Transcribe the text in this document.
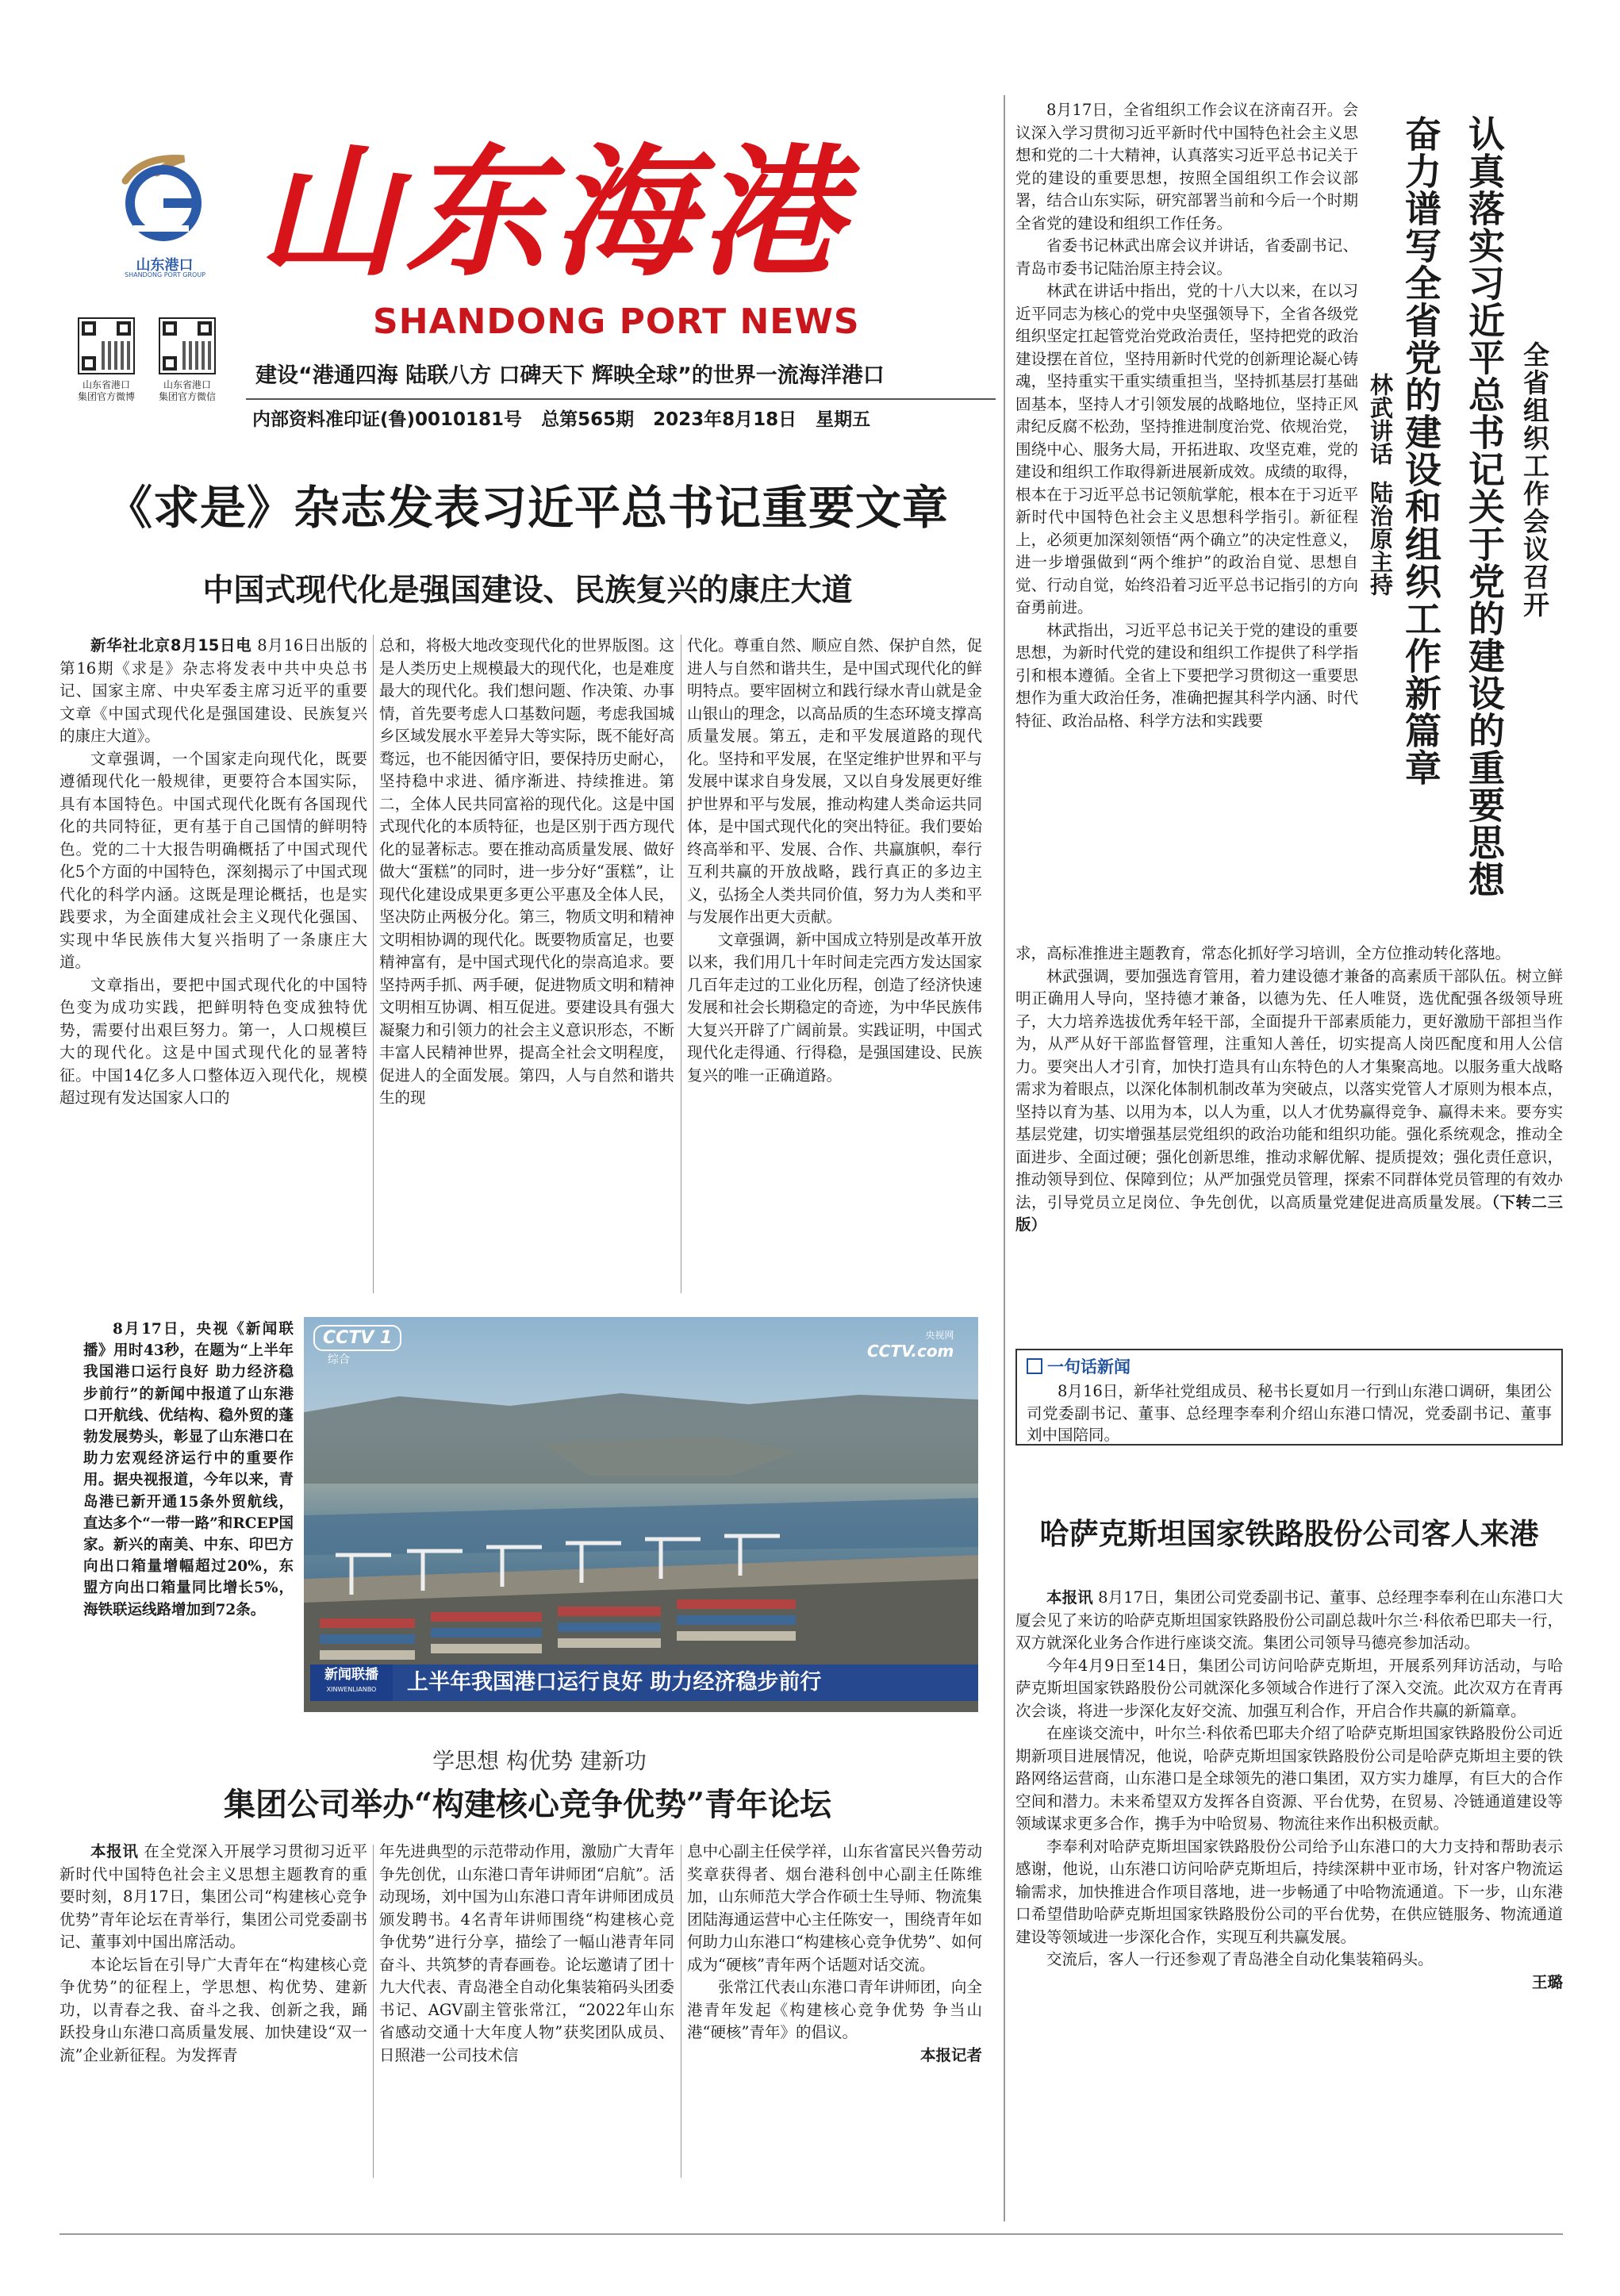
山东港口
SHANDONG PORT GROUP 山东海港
SHANDONG PORT NEWS
山东省港口
集团官方微博
山东省港口
集团官方微信
建设“港通四海 陆联八方 口碑天下 辉映全球”的世界一流海洋港口
内部资料准印证(鲁)0010181号   总第565期   2023年8月18日   星期五
《求是》杂志发表习近平总书记重要文章
中国式现代化是强国建设、民族复兴的康庄大道

新华社北京8月15日电 8月16日出版的第16期《求是》杂志将发表中共中央总书记、国家主席、中央军委主席习近平的重要文章《中国式现代化是强国建设、民族复兴的康庄大道》。

文章强调，一个国家走向现代化，既要遵循现代化一般规律，更要符合本国实际，具有本国特色。中国式现代化既有各国现代化的共同特征，更有基于自己国情的鲜明特色。党的二十大报告明确概括了中国式现代化5个方面的中国特色，深刻揭示了中国式现代化的科学内涵。这既是理论概括，也是实践要求，为全面建成社会主义现代化强国、实现中华民族伟大复兴指明了一条康庄大道。

文章指出，要把中国式现代化的中国特色变为成功实践，把鲜明特色变成独特优势，需要付出艰巨努力。第一，人口规模巨大的现代化。这是中国式现代化的显著特征。中国14亿多人口整体迈入现代化，规模超过现有发达国家人口的

总和，将极大地改变现代化的世界版图。这是人类历史上规模最大的现代化，也是难度最大的现代化。我们想问题、作决策、办事情，首先要考虑人口基数问题，考虑我国城乡区域发展水平差异大等实际，既不能好高骛远，也不能因循守旧，要保持历史耐心，坚持稳中求进、循序渐进、持续推进。第二，全体人民共同富裕的现代化。这是中国式现代化的本质特征，也是区别于西方现代化的显著标志。要在推动高质量发展、做好做大“蛋糕”的同时，进一步分好“蛋糕”，让现代化建设成果更多更公平惠及全体人民，坚决防止两极分化。第三，物质文明和精神文明相协调的现代化。既要物质富足，也要精神富有，是中国式现代化的崇高追求。要坚持两手抓、两手硬，促进物质文明和精神文明相互协调、相互促进。要建设具有强大凝聚力和引领力的社会主义意识形态，不断丰富人民精神世界，提高全社会文明程度，促进人的全面发展。第四，人与自然和谐共生的现

代化。尊重自然、顺应自然、保护自然，促进人与自然和谐共生，是中国式现代化的鲜明特点。要牢固树立和践行绿水青山就是金山银山的理念，以高品质的生态环境支撑高质量发展。第五，走和平发展道路的现代化。坚持和平发展，在坚定维护世界和平与发展中谋求自身发展，又以自身发展更好维护世界和平与发展，推动构建人类命运共同体，是中国式现代化的突出特征。我们要始终高举和平、发展、合作、共赢旗帜，奉行互利共赢的开放战略，践行真正的多边主义，弘扬全人类共同价值，努力为人类和平与发展作出更大贡献。

文章强调，新中国成立特别是改革开放以来，我们用几十年时间走完西方发达国家几百年走过的工业化历程，创造了经济快速发展和社会长期稳定的奇迹，为中华民族伟大复兴开辟了广阔前景。实践证明，中国式现代化走得通、行得稳，是强国建设、民族复兴的唯一正确道路。

8月17日，央视《新闻联播》用时43秒，在题为“上半年我国港口运行良好 助力经济稳步前行”的新闻中报道了山东港口开航线、优结构、稳外贸的蓬勃发展势头，彰显了山东港口在助力宏观经济运行中的重要作用。据央视报道，今年以来，青岛港已新开通15条外贸航线，直达多个“一带一路”和RCEP国家。新兴的南美、中东、印巴方向出口箱量增幅超过20%，东盟方向出口箱量同比增长5%，海铁联运线路增加到72条。

CCTV 1
综合
央视网
CCTV.com
新闻联播
XINWENLIANBO	上半年我国港口运行良好 助力经济稳步前行
学思想 构优势 建新功
集团公司举办“构建核心竞争优势”青年论坛

本报讯 在全党深入开展学习贯彻习近平新时代中国特色社会主义思想主题教育的重要时刻，8月17日，集团公司“构建核心竞争优势”青年论坛在青举行，集团公司党委副书记、董事刘中国出席活动。

本论坛旨在引导广大青年在“构建核心竞争优势”的征程上，学思想、构优势、建新功，以青春之我、奋斗之我、创新之我，踊跃投身山东港口高质量发展、加快建设“双一流”企业新征程。为发挥青

年先进典型的示范带动作用，激励广大青年争先创优，山东港口青年讲师团“启航”。活动现场，刘中国为山东港口青年讲师团成员颁发聘书。4名青年讲师围绕“构建核心竞争优势”进行分享，描绘了一幅山港青年同奋斗、共筑梦的青春画卷。论坛邀请了团十九大代表、青岛港全自动化集装箱码头团委书记、AGV副主管张常江，“2022年山东省感动交通十大年度人物”获奖团队成员、日照港一公司技术信

息中心副主任侯学祥，山东省富民兴鲁劳动奖章获得者、烟台港科创中心副主任陈维加，山东师范大学合作硕士生导师、物流集团陆海通运营中心主任陈安一，围绕青年如何助力山东港口“构建核心竞争优势”、如何成为“硬核”青年两个话题对话交流。

张常江代表山东港口青年讲师团，向全港青年发起《构建核心竞争优势 争当山港“硬核”青年》的倡议。

本报记者

8月17日，全省组织工作会议在济南召开。会议深入学习贯彻习近平新时代中国特色社会主义思想和党的二十大精神，认真落实习近平总书记关于党的建设的重要思想，按照全国组织工作会议部署，结合山东实际，研究部署当前和今后一个时期全省党的建设和组织工作任务。

省委书记林武出席会议并讲话，省委副书记、青岛市委书记陆治原主持会议。

林武在讲话中指出，党的十八大以来，在以习近平同志为核心的党中央坚强领导下，全省各级党组织坚定扛起管党治党政治责任，坚持把党的政治建设摆在首位，坚持用新时代党的创新理论凝心铸魂，坚持重实干重实绩重担当，坚持抓基层打基础固基本，坚持人才引领发展的战略地位，坚持正风肃纪反腐不松劲，坚持推进制度治党、依规治党，围绕中心、服务大局，开拓进取、攻坚克难，党的建设和组织工作取得新进展新成效。成绩的取得，根本在于习近平总书记领航掌舵，根本在于习近平新时代中国特色社会主义思想科学指引。新征程上，必须更加深刻领悟“两个确立”的决定性意义，进一步增强做到“两个维护”的政治自觉、思想自觉、行动自觉，始终沿着习近平总书记指引的方向奋勇前进。

林武指出，习近平总书记关于党的建设的重要思想，为新时代党的建设和组织工作提供了科学指引和根本遵循。全省上下要把学习贯彻这一重要思想作为重大政治任务，准确把握其科学内涵、时代特征、政治品格、科学方法和实践要	认真落实习近平总书记关于党的建设的重要思想
奋力谱写全省党的建设和组织工作新篇章	全省组织工作会议召开
林武讲话  陆治原主持

求，高标准推进主题教育，常态化抓好学习培训，全方位推动转化落地。

林武强调，要加强选育管用，着力建设德才兼备的高素质干部队伍。树立鲜明正确用人导向，坚持德才兼备，以德为先、任人唯贤，选优配强各级领导班子，大力培养选拔优秀年轻干部，全面提升干部素质能力，更好激励干部担当作为，从严从好干部监督管理，注重知人善任，切实提高人岗匹配度和用人公信力。要突出人才引育，加快打造具有山东特色的人才集聚高地。以服务重大战略需求为着眼点，以深化体制机制改革为突破点，以落实党管人才原则为根本点，坚持以育为基、以用为本，以人为重，以人才优势赢得竞争、赢得未来。要夯实基层党建，切实增强基层党组织的政治功能和组织功能。强化系统观念，推动全面进步、全面过硬；强化创新思维，推动求解优解、提质提效；强化责任意识，推动领导到位、保障到位；从严加强党员管理，探索不同群体党员管理的有效办法，引导党员立足岗位、争先创优，以高质量党建促进高质量发展。（下转二三版）

一句话新闻

8月16日，新华社党组成员、秘书长夏如月一行到山东港口调研，集团公司党委副书记、董事、总经理李奉利介绍山东港口情况，党委副书记、董事刘中国陪同。

哈萨克斯坦国家铁路股份公司客人来港

本报讯 8月17日，集团公司党委副书记、董事、总经理李奉利在山东港口大厦会见了来访的哈萨克斯坦国家铁路股份公司副总裁叶尔兰·科依希巴耶夫一行，双方就深化业务合作进行座谈交流。集团公司领导马德亮参加活动。

今年4月9日至14日，集团公司访问哈萨克斯坦，开展系列拜访活动，与哈萨克斯坦国家铁路股份公司就深化多领域合作进行了深入交流。此次双方在青再次会谈，将进一步深化友好交流、加强互利合作，开启合作共赢的新篇章。

在座谈交流中，叶尔兰·科依希巴耶夫介绍了哈萨克斯坦国家铁路股份公司近期新项目进展情况，他说，哈萨克斯坦国家铁路股份公司是哈萨克斯坦主要的铁路网络运营商，山东港口是全球领先的港口集团，双方实力雄厚，有巨大的合作空间和潜力。未来希望双方发挥各自资源、平台优势，在贸易、冷链通道建设等领域谋求更多合作，携手为中哈贸易、物流往来作出积极贡献。

李奉利对哈萨克斯坦国家铁路股份公司给予山东港口的大力支持和帮助表示感谢，他说，山东港口访问哈萨克斯坦后，持续深耕中亚市场，针对客户物流运输需求，加快推进合作项目落地，进一步畅通了中哈物流通道。下一步，山东港口希望借助哈萨克斯坦国家铁路股份公司的平台优势，在供应链服务、物流通道建设等领域进一步深化合作，实现互利共赢发展。

交流后，客人一行还参观了青岛港全自动化集装箱码头。

王璐
